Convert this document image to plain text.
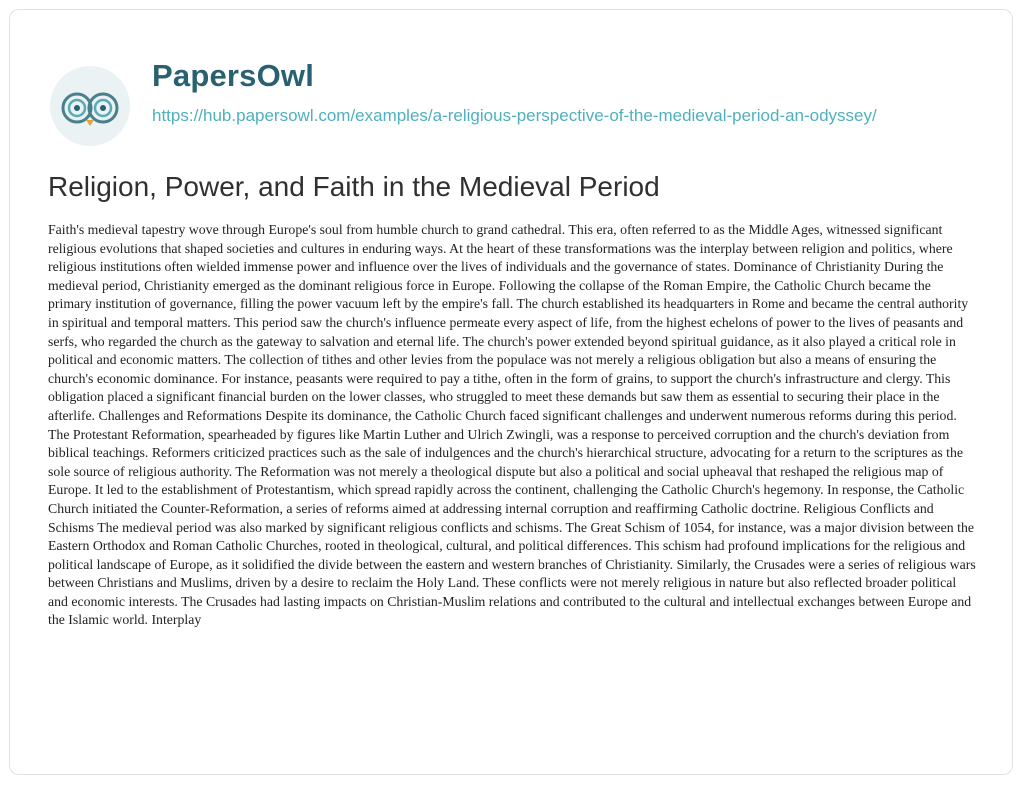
PapersOwl
https://hub.papersowl.com/examples/a-religious-perspective-of-the-medieval-period-an-odyssey/
Religion, Power, and Faith in the Medieval Period

Faith's medieval tapestry wove through Europe's soul from humble church to grand cathedral. This era, often referred to as the Middle Ages, witnessed significant religious evolutions that shaped societies and cultures in enduring ways. At the heart of these transformations was the interplay between religion and politics, where religious institutions often wielded immense power and influence over the lives of individuals and the governance of states. Dominance of Christianity During the medieval period, Christianity emerged as the dominant religious force in Europe. Following the collapse of the Roman Empire, the Catholic Church became the primary institution of governance, filling the power vacuum left by the empire's fall. The church established its headquarters in Rome and became the central authority in spiritual and temporal matters. This period saw the church's influence permeate every aspect of life, from the highest echelons of power to the lives of peasants and serfs, who regarded the church as the gateway to salvation and eternal life. The church's power extended beyond spiritual guidance, as it also played a critical role in political and economic matters. The collection of tithes and other levies from the populace was not merely a religious obligation but also a means of ensuring the church's economic dominance. For instance, peasants were required to pay a tithe, often in the form of grains, to support the church's infrastructure and clergy. This obligation placed a significant financial burden on the lower classes, who struggled to meet these demands but saw them as essential to securing their place in the afterlife. Challenges and Reformations Despite its dominance, the Catholic Church faced significant challenges and underwent numerous reforms during this period. The Protestant Reformation, spearheaded by figures like Martin Luther and Ulrich Zwingli, was a response to perceived corruption and the church's deviation from biblical teachings. Reformers criticized practices such as the sale of indulgences and the church's hierarchical structure, advocating for a return to the scriptures as the sole source of religious authority. The Reformation was not merely a theological dispute but also a political and social upheaval that reshaped the religious map of Europe. It led to the establishment of Protestantism, which spread rapidly across the continent, challenging the Catholic Church's hegemony. In response, the Catholic Church initiated the Counter-Reformation, a series of reforms aimed at addressing internal corruption and reaffirming Catholic doctrine. Religious Conflicts and Schisms The medieval period was also marked by significant religious conflicts and schisms. The Great Schism of 1054, for instance, was a major division between the Eastern Orthodox and Roman Catholic Churches, rooted in theological, cultural, and political differences. This schism had profound implications for the religious and political landscape of Europe, as it solidified the divide between the eastern and western branches of Christianity. Similarly, the Crusades were a series of religious wars between Christians and Muslims, driven by a desire to reclaim the Holy Land. These conflicts were not merely religious in nature but also reflected broader political and economic interests. The Crusades had lasting impacts on Christian-Muslim relations and contributed to the cultural and intellectual exchanges between Europe and the Islamic world. Interplay
